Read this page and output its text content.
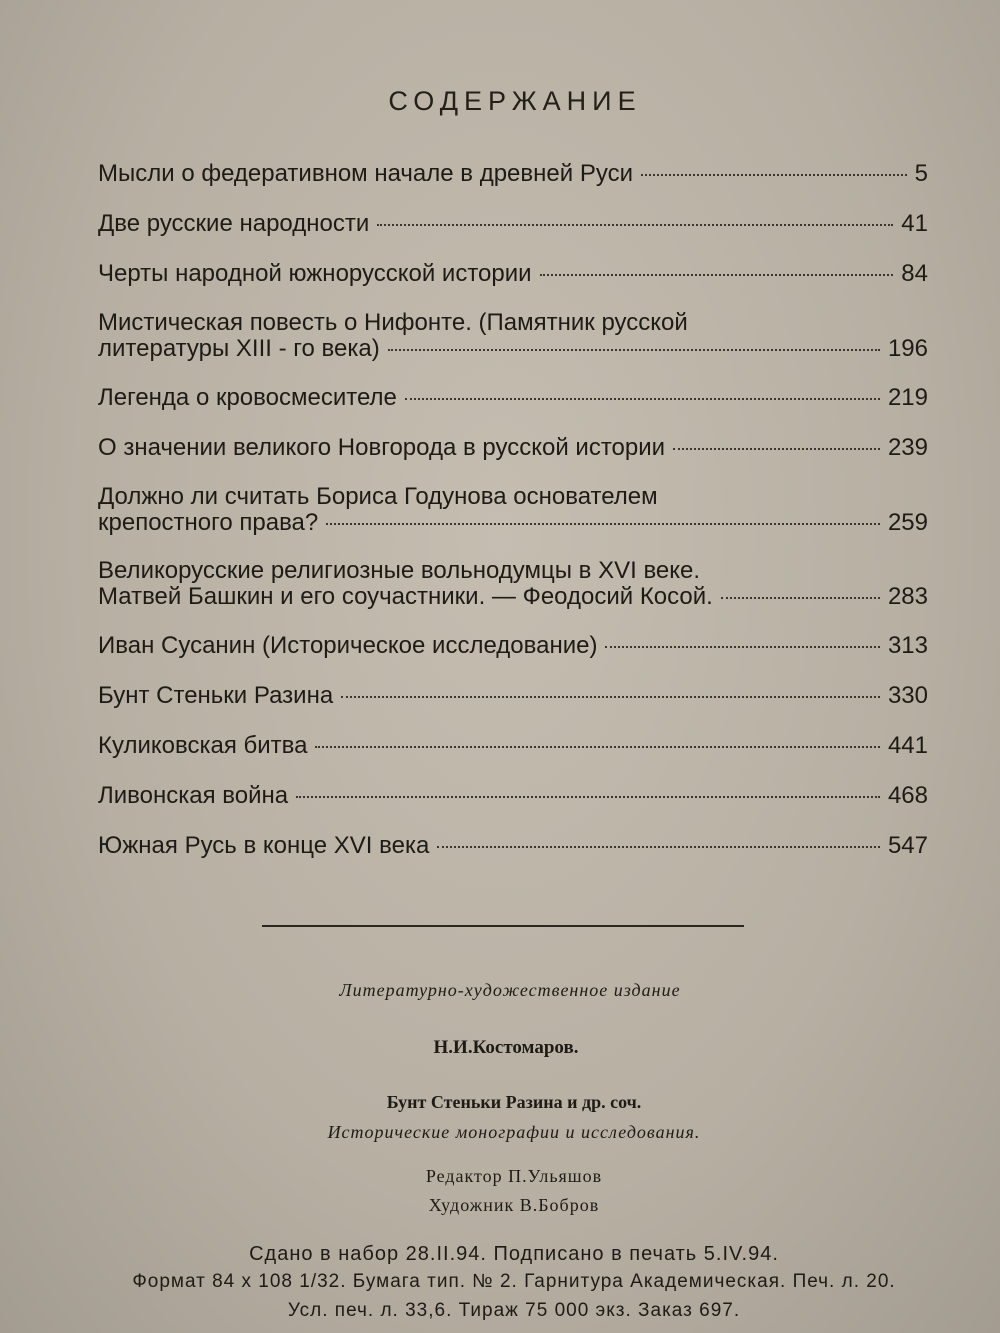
СОДЕРЖАНИЕ
Мысли о федеративном начале в древней Руси	5
Две русские народности	41
Черты народной южнорусской истории	84
Мистическая повесть о Нифонте. (Памятник русской
литературы XIII - го века)	196
Легенда о кровосмесителе	219
О значении великого Новгорода в русской истории	239
Должно ли считать Бориса Годунова основателем
крепостного права?	259
Великорусские религиозные вольнодумцы в XVI веке.
Матвей Башкин и его соучастники. — Феодосий Косой.	283
Иван Сусанин (Историческое исследование)	313
Бунт Стеньки Разина	330
Куликовская битва	441
Ливонская война	468
Южная Русь в конце XVI века	547
Литературно-художественное издание
Н.И.Костомаров.
Бунт Стеньки Разина и др. соч.
Исторические монографии и исследования.
Редактор П.Ульяшов
Художник В.Бобров
Сдано в набор 28.II.94. Подписано в печать 5.IV.94.
Формат 84 х 108 1/32. Бумага тип. № 2. Гарнитура Академическая. Печ. л. 20.
Усл. печ. л. 33,6. Тираж 75 000 экз. Заказ 697.
